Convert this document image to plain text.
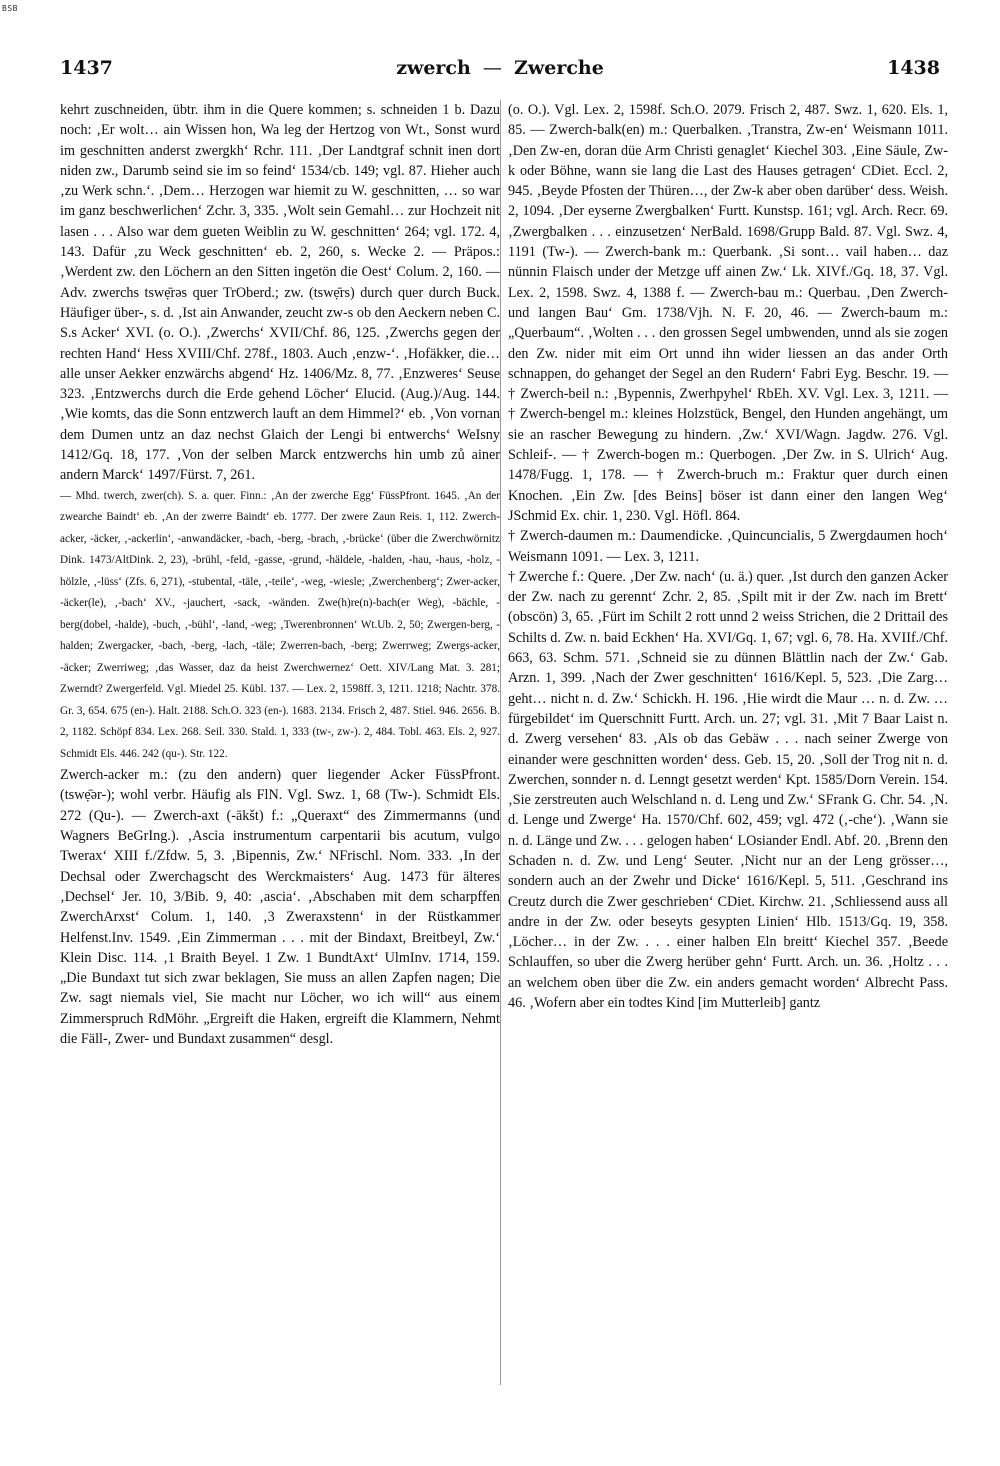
BSB
1437	zwerch — Zwerche	1438

kehrt zuschneiden, übtr. ihm in die Quere kommen; s. schneiden 1 b. Dazu noch: ‚Er wolt… ain Wissen hon, Wa leg der Hertzog von Wt., Sonst wurd im geschnitten anderst zwergkh‘ Rchr. 111. ‚Der Landtgraf schnit inen dort niden zw., Darumb seind sie im so feind‘ 1534/cb. 149; vgl. 87. Hieher auch ‚zu Werk schn.‘. ‚Dem… Herzogen war hiemit zu W. geschnitten, … so war im ganz beschwerlichen‘ Zchr. 3, 335. ‚Wolt sein Gemahl… zur Hochzeit nit lasen . . . Also war dem gueten Weiblin zu W. geschnitten‘ 264; vgl. 172. 4, 143. Dafür ‚zu Weck geschnitten‘ eb. 2, 260, s. Wecke 2. — Präpos.: ‚Werdent zw. den Löchern an den Sitten ingetön die Oest‘ Colum. 2, 160. — Adv. zwerchs tswẹ̄rəs quer TrOberd.; zw. (tswẹ̄rs) durch quer durch Buck. Häufiger über-, s. d. ‚Ist ain Anwander, zeucht zw-s ob den Aeckern neben C. S.s Acker‘ XVI. (o. O.). ‚Zwerchs‘ XVII/Chf. 86, 125. ‚Zwerchs gegen der rechten Hand‘ Hess XVIII/Chf. 278f., 1803. Auch ‚enzw-‘. ‚Hofäkker, die… alle unser Aekker enzwärchs abgend‘ Hz. 1406/Mz. 8, 77. ‚Enzweres‘ Seuse 323. ‚Entzwerchs durch die Erde gehend Löcher‘ Elucid. (Aug.)/Aug. 144. ‚Wie komts, das die Sonn entzwerch lauft an dem Himmel?‘ eb. ‚Von vornan dem Dumen untz an daz nechst Glaich der Lengi bi entwerchs‘ WeIsny 1412/Gq. 18, 177. ‚Von der selben Marck entzwerchs hin umb zů ainer andern Marck‘ 1497/Fürst. 7, 261.

— Mhd. twerch, zwer(ch). S. a. quer. Finn.: ‚An der zwerche Egg‘ FüssPfront. 1645. ‚An der zwearche Baindt‘ eb. ‚An der zwerre Baindt‘ eb. 1777. Der zwere Zaun Reis. 1, 112. Zwerch-acker, -äcker, ‚-ackerlin‘, -anwandäcker, -bach, -berg, -brach, ‚-brücke‘ (über die Zwerchwörnitz Dink. 1473/AltDink. 2, 23), -brühl, -feld, -gasse, -grund, -häldele, -halden, -hau, -haus, -holz, -hölzle, ‚-lüss‘ (Zfs. 6, 271), -stubental, -täle, ‚-teile‘, -weg, -wiesle; ‚Zwerchenberg‘; Zwer-acker, -äcker(le), ‚-bach‘ XV., -jauchert, -sack, -wänden. Zwe(h)re(n)-bach(er Weg), -bächle, -berg(dobel, -halde), -buch, ‚-bühl‘, -land, -weg; ‚Twerenbronnen‘ Wt.Ub. 2, 50; Zwergen-berg, -halden; Zwergacker, -bach, -berg, -lach, -täle; Zwerren-bach, -berg; Zwerrweg; Zwergs-acker, -äcker; Zwerriweg; ‚das Wasser, daz da heist Zwerchwernez‘ Oett. XIV/Lang Mat. 3. 281; Zwerndt? Zwergerfeld. Vgl. Miedel 25. Kübl. 137. — Lex. 2, 1598ff. 3, 1211. 1218; Nachtr. 378. Gr. 3, 654. 675 (en-). Halt. 2188. Sch.O. 323 (en-). 1683. 2134. Frisch 2, 487. Stiel. 946. 2656. B. 2, 1182. Schöpf 834. Lex. 268. Seil. 330. Stald. 1, 333 (tw-, zw-). 2, 484. Tobl. 463. Els. 2, 927. Schmidt Els. 446. 242 (qu-). Str. 122.

Zwerch-acker m.: (zu den andern) quer liegender Acker FüssPfront. (tswẹ̄ər-); wohl verbr. Häufig als FlN. Vgl. Swz. 1, 68 (Tw-). Schmidt Els. 272 (Qu-). — Zwerch-axt (-ākšt) f.: „Queraxt“ des Zimmermanns (und Wagners BeGrIng.). ‚Ascia instrumentum carpentarii bis acutum, vulgo Twerax‘ XIII f./Zfdw. 5, 3. ‚Bipennis, Zw.‘ NFrischl. Nom. 333. ‚In der Dechsal oder Zwerchagscht des Werckmaisters‘ Aug. 1473 für älteres ‚Dechsel‘ Jer. 10, 3/Bib. 9, 40: ‚ascia‘. ‚Abschaben mit dem scharpffen ZwerchArxst‘ Colum. 1, 140. ‚3 Zweraxstenn‘ in der Rüstkammer Helfenst.Inv. 1549. ‚Ein Zimmerman . . . mit der Bindaxt, Breitbeyl, Zw.‘ Klein Disc. 114. ‚1 Braith Beyel. 1 Zw. 1 BundtAxt‘ UlmInv. 1714, 159. „Die Bundaxt tut sich zwar beklagen, Sie muss an allen Zapfen nagen; Die Zw. sagt niemals viel, Sie macht nur Löcher, wo ich will“ aus einem Zimmerspruch RdMöhr. „Ergreift die Haken, ergreift die Klammern, Nehmt die Fäll-, Zwer- und Bundaxt zusammen“ desgl.

(o. O.). Vgl. Lex. 2, 1598f. Sch.O. 2079. Frisch 2, 487. Swz. 1, 620. Els. 1, 85. — Zwerch-balk(en) m.: Querbalken. ‚Transtra, Zw-en‘ Weismann 1011. ‚Den Zw-en, doran düe Arm Christi genaglet‘ Kiechel 303. ‚Eine Säule, Zw-k oder Böhne, wann sie lang die Last des Hauses getragen‘ CDiet. Eccl. 2, 945. ‚Beyde Pfosten der Thüren…, der Zw-k aber oben darüber‘ dess. Weish. 2, 1094. ‚Der eyserne Zwergbalken‘ Furtt. Kunstsp. 161; vgl. Arch. Recr. 69. ‚Zwergbalken . . . einzusetzen‘ NerBald. 1698/Grupp Bald. 87. Vgl. Swz. 4, 1191 (Tw-). — Zwerch-bank m.: Querbank. ‚Si sont… vail haben… daz nünnin Flaisch under der Metzge uff ainen Zw.‘ Lk. XIVf./Gq. 18, 37. Vgl. Lex. 2, 1598. Swz. 4, 1388 f. — Zwerch-bau m.: Querbau. ‚Den Zwerch- und langen Bau‘ Gm. 1738/Vjh. N. F. 20, 46. — Zwerch-baum m.: „Querbaum“. ‚Wolten . . . den grossen Segel umbwenden, unnd als sie zogen den Zw. nider mit eim Ort unnd ihn wider liessen an das ander Orth schnappen, do gehanget der Segel an den Rudern‘ Fabri Eyg. Beschr. 19. — † Zwerch-beil n.: ‚Bypennis, Zwerhpyhel‘ RbEh. XV. Vgl. Lex. 3, 1211. — † Zwerch-bengel m.: kleines Holzstück, Bengel, den Hunden angehängt, um sie an rascher Bewegung zu hindern. ‚Zw.‘ XVI/Wagn. Jagdw. 276. Vgl. Schleif-. — † Zwerch-bogen m.: Querbogen. ‚Der Zw. in S. Ulrich‘ Aug. 1478/Fugg. 1, 178. — † Zwerch-bruch m.: Fraktur quer durch einen Knochen. ‚Ein Zw. [des Beins] böser ist dann einer den langen Weg‘ JSchmid Ex. chir. 1, 230. Vgl. Höfl. 864.

† Zwerch-daumen m.: Daumendicke. ‚Quincuncialis, 5 Zwergdaumen hoch‘ Weismann 1091. — Lex. 3, 1211.

† Zwerche f.: Quere. ‚Der Zw. nach‘ (u. ä.) quer. ‚Ist durch den ganzen Acker der Zw. nach zu gerennt‘ Zchr. 2, 85. ‚Spilt mit ir der Zw. nach im Brett‘ (obscön) 3, 65. ‚Fürt im Schilt 2 rott unnd 2 weiss Strichen, die 2 Drittail des Schilts d. Zw. n. baid Eckhen‘ Ha. XVI/Gq. 1, 67; vgl. 6, 78. Ha. XVIIf./Chf. 663, 63. Schm. 571. ‚Schneid sie zu dünnen Blättlin nach der Zw.‘ Gab. Arzn. 1, 399. ‚Nach der Zwer geschnitten‘ 1616/Kepl. 5, 523. ‚Die Zarg… geht… nicht n. d. Zw.‘ Schickh. H. 196. ‚Hie wirdt die Maur … n. d. Zw. … fürgebildet‘ im Querschnitt Furtt. Arch. un. 27; vgl. 31. ‚Mit 7 Baar Laist n. d. Zwerg versehen‘ 83. ‚Als ob das Gebäw . . . nach seiner Zwerge von einander were geschnitten worden‘ dess. Geb. 15, 20. ‚Soll der Trog nit n. d. Zwerchen, sonnder n. d. Lenngt gesetzt werden‘ Kpt. 1585/Dorn Verein. 154. ‚Sie zerstreuten auch Welschland n. d. Leng und Zw.‘ SFrank G. Chr. 54. ‚N. d. Lenge und Zwerge‘ Ha. 1570/Chf. 602, 459; vgl. 472 (‚-che‘). ‚Wann sie n. d. Länge und Zw. . . . gelogen haben‘ LOsiander Endl. Abf. 20. ‚Brenn den Schaden n. d. Zw. und Leng‘ Seuter. ‚Nicht nur an der Leng grösser…, sondern auch an der Zwehr und Dicke‘ 1616/Kepl. 5, 511. ‚Geschrand ins Creutz durch die Zwer geschrieben‘ CDiet. Kirchw. 21. ‚Schliessend auss all andre in der Zw. oder beseyts gesypten Linien‘ Hlb. 1513/Gq. 19, 358. ‚Löcher… in der Zw. . . . einer halben Eln breitt‘ Kiechel 357. ‚Beede Schlauffen, so uber die Zwerg herüber gehn‘ Furtt. Arch. un. 36. ‚Holtz . . . an welchem oben über die Zw. ein anders gemacht worden‘ Albrecht Pass. 46. ‚Wofern aber ein todtes Kind [im Mutterleib] gantz
